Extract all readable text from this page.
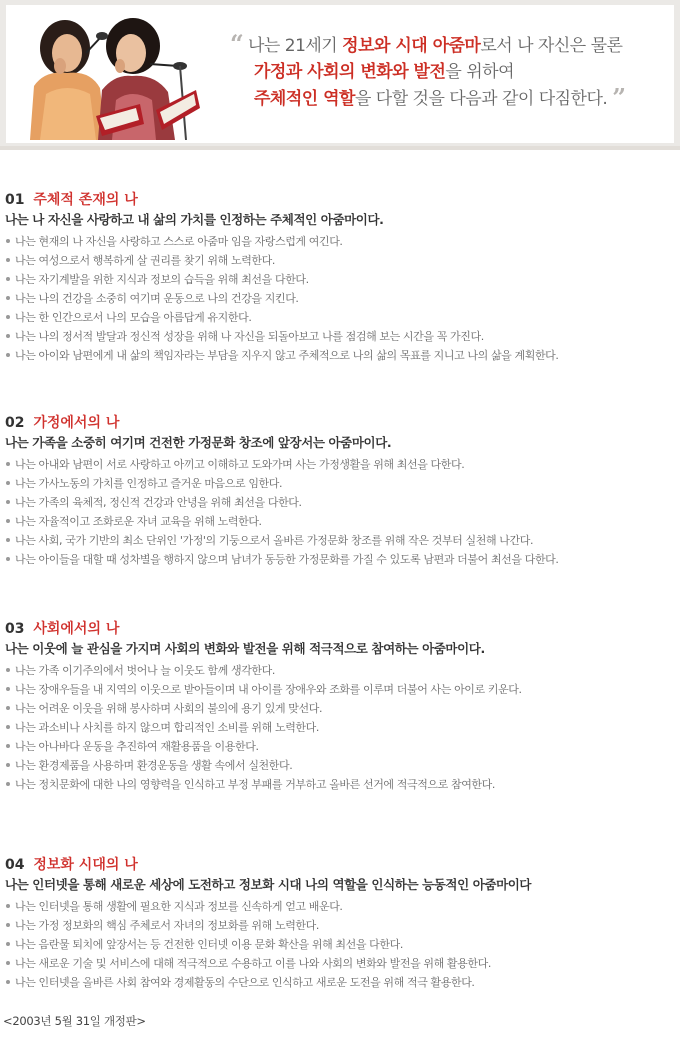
“ 나는 21세기 정보와 시대 아줌마로서 나 자신은 물론
가정과 사회의 변화와 발전을 위하여
주체적인 역할을 다할 것을 다음과 같이 다짐한다. ”
01 주체적 존재의 나
나는 나 자신을 사랑하고 내 삶의 가치를 인정하는 주체적인 아줌마이다.
나는 현재의 나 자신을 사랑하고 스스로 아줌마 임을 자랑스럽게 여긴다.
나는 여성으로서 행복하게 살 권리를 찾기 위해 노력한다.
나는 자기계발을 위한 지식과 정보의 습득을 위해 최선을 다한다.
나는 나의 건강을 소중히 여기며 운동으로 나의 건강을 지킨다.
나는 한 인간으로서 나의 모습을 아름답게 유지한다.
나는 나의 정서적 발달과 정신적 성장을 위해 나 자신을 되돌아보고 나를 점검해 보는 시간을 꼭 가진다.
나는 아이와 남편에게 내 삶의 책임자라는 부담을 지우지 않고 주체적으로 나의 삶의 목표를 지니고 나의 삶을 계획한다.
02 가정에서의 나
나는 가족을 소중히 여기며 건전한 가정문화 창조에 앞장서는 아줌마이다.
나는 아내와 남편이 서로 사랑하고 아끼고 이해하고 도와가며 사는 가정생활을 위해 최선을 다한다.
나는 가사노동의 가치를 인정하고 즐거운 마음으로 임한다.
나는 가족의 육체적, 정신적 건강과 안녕을 위해 최선을 다한다.
나는 자율적이고 조화로운 자녀 교육을 위해 노력한다.
나는 사회, 국가 기반의 최소 단위인 '가정'의 기둥으로서 올바른 가정문화 창조를 위해 작은 것부터 실천해 나간다.
나는 아이들을 대할 때 성차별을 행하지 않으며 남녀가 동등한 가정문화를 가질 수 있도록 남편과 더불어 최선을 다한다.
03 사회에서의 나
나는 이웃에 늘 관심을 가지며 사회의 변화와 발전을 위해 적극적으로 참여하는 아줌마이다.
나는 가족 이기주의에서 벗어나 늘 이웃도 함께 생각한다.
나는 장애우들을 내 지역의 이웃으로 받아들이며 내 아이를 장애우와 조화를 이루며 더불어 사는 아이로 키운다.
나는 어려운 이웃을 위해 봉사하며 사회의 불의에 용기 있게 맞선다.
나는 과소비나 사치를 하지 않으며 합리적인 소비를 위해 노력한다.
나는 아나바다 운동을 추진하여 재활용품을 이용한다.
나는 환경제품을 사용하며 환경운동을 생활 속에서 실천한다.
나는 정치문화에 대한 나의 영향력을 인식하고 부정 부패를 거부하고 올바른 선거에 적극적으로 참여한다.
04 정보화 시대의 나
나는 인터넷을 통해 새로운 세상에 도전하고 정보화 시대 나의 역할을 인식하는 능동적인 아줌마이다
나는 인터넷을 통해 생활에 필요한 지식과 정보를 신속하게 얻고 배운다.
나는 가정 정보화의 핵심 주체로서 자녀의 정보화를 위해 노력한다.
나는 음란물 퇴치에 앞장서는 등 건전한 인터넷 이용 문화 확산을 위해 최선을 다한다.
나는 새로운 기술 및 서비스에 대해 적극적으로 수용하고 이를 나와 사회의 변화와 발전을 위해 활용한다.
나는 인터넷을 올바른 사회 참여와 경제활동의 수단으로 인식하고 새로운 도전을 위해 적극 활용한다.
<2003년 5월 31일 개정판>
